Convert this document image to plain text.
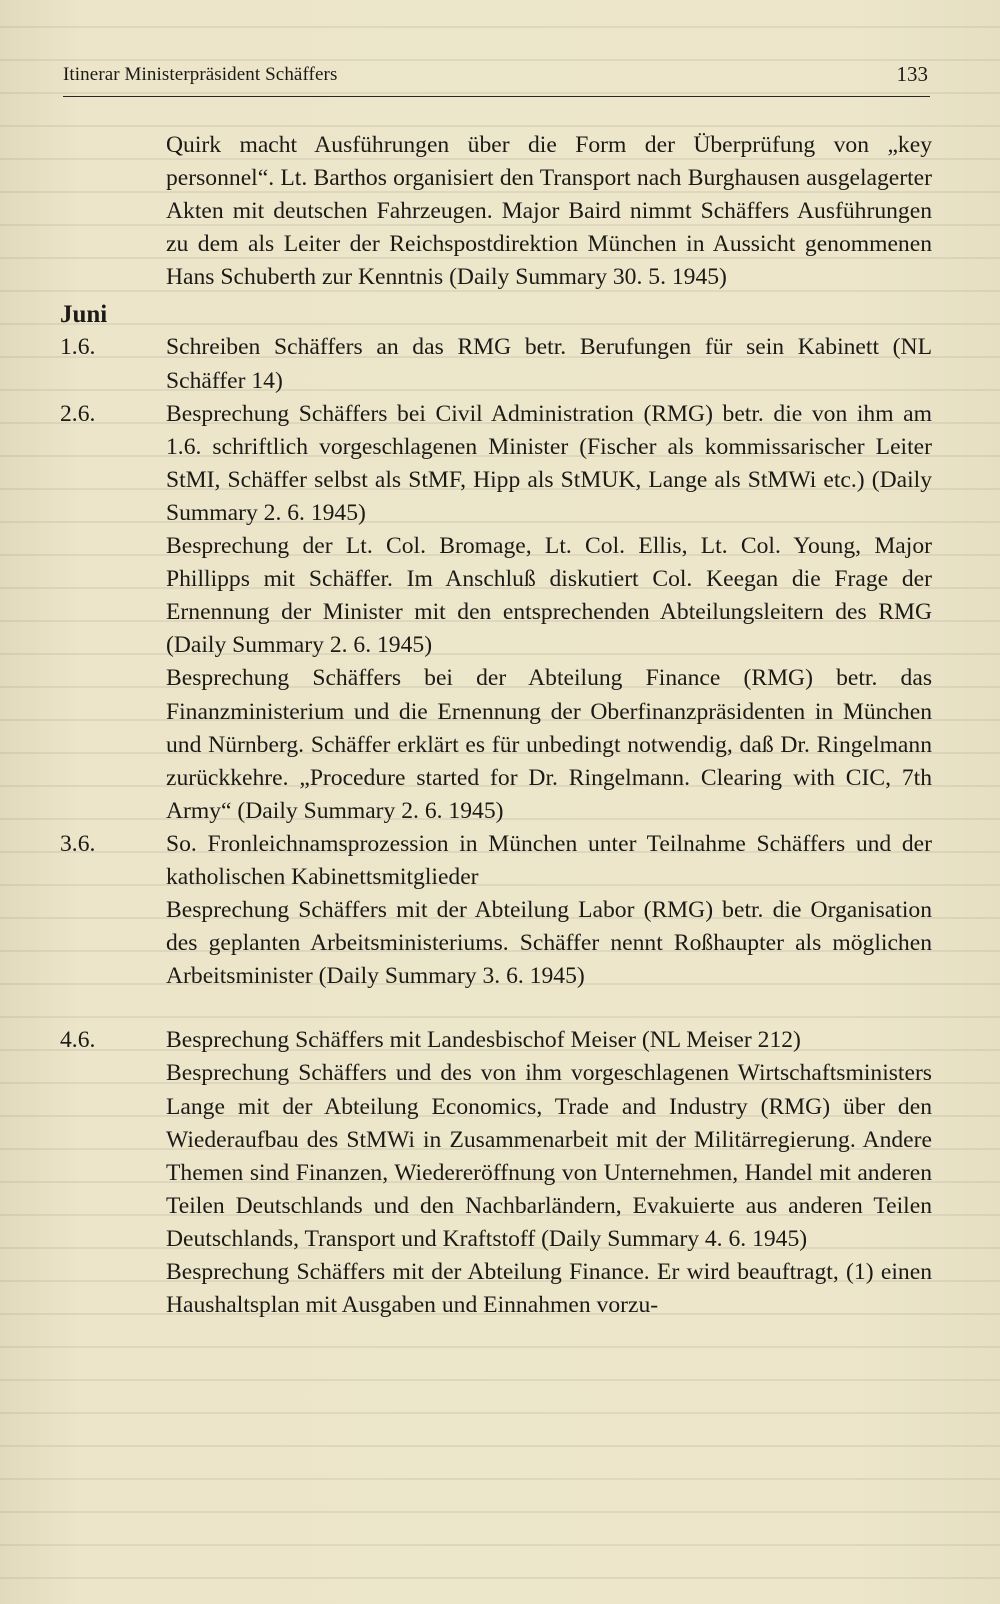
Itinerar Ministerpräsident Schäffers	133
Quirk macht Ausführungen über die Form der Überprüfung von „key personnel“. Lt. Barthos organisiert den Transport nach Burghausen ausgelagerter Akten mit deutschen Fahrzeugen. Major Baird nimmt Schäffers Ausführungen zu dem als Leiter der Reichspostdirektion München in Aussicht genommenen Hans Schuberth zur Kenntnis (Daily Summary 30. 5. 1945)
Juni
1.6.	Schreiben Schäffers an das RMG betr. Berufungen für sein Kabinett (NL Schäffer 14)
2.6.	Besprechung Schäffers bei Civil Administration (RMG) betr. die von ihm am 1.6. schriftlich vorgeschlagenen Minister (Fischer als kommissarischer Leiter StMI, Schäffer selbst als StMF, Hipp als StMUK, Lange als StMWi etc.) (Daily Summary 2. 6. 1945)
Besprechung der Lt. Col. Bromage, Lt. Col. Ellis, Lt. Col. Young, Major Phillipps mit Schäffer. Im Anschluß diskutiert Col. Keegan die Frage der Ernennung der Minister mit den entsprechenden Abteilungsleitern des RMG (Daily Summary 2. 6. 1945)
Besprechung Schäffers bei der Abteilung Finance (RMG) betr. das Finanzministerium und die Ernennung der Oberfinanzpräsidenten in München und Nürnberg. Schäffer erklärt es für unbedingt notwendig, daß Dr. Ringelmann zurückkehre. „Procedure started for Dr. Ringelmann. Clearing with CIC, 7th Army“ (Daily Summary 2. 6. 1945)
3.6.	So. Fronleichnamsprozession in München unter Teilnahme Schäffers und der katholischen Kabinettsmitglieder
Besprechung Schäffers mit der Abteilung Labor (RMG) betr. die Organisation des geplanten Arbeitsministeriums. Schäffer nennt Roßhaupter als möglichen Arbeitsminister (Daily Summary 3. 6. 1945)
4.6.	Besprechung Schäffers mit Landesbischof Meiser (NL Meiser 212)
Besprechung Schäffers und des von ihm vorgeschlagenen Wirtschaftsministers Lange mit der Abteilung Economics, Trade and Industry (RMG) über den Wiederaufbau des StMWi in Zusammenarbeit mit der Militärregierung. Andere Themen sind Finanzen, Wiedereröffnung von Unternehmen, Handel mit anderen Teilen Deutschlands und den Nachbarländern, Evakuierte aus anderen Teilen Deutschlands, Transport und Kraftstoff (Daily Summary 4. 6. 1945)
Besprechung Schäffers mit der Abteilung Finance. Er wird beauftragt, (1) einen Haushaltsplan mit Ausgaben und Einnahmen vorzu-
